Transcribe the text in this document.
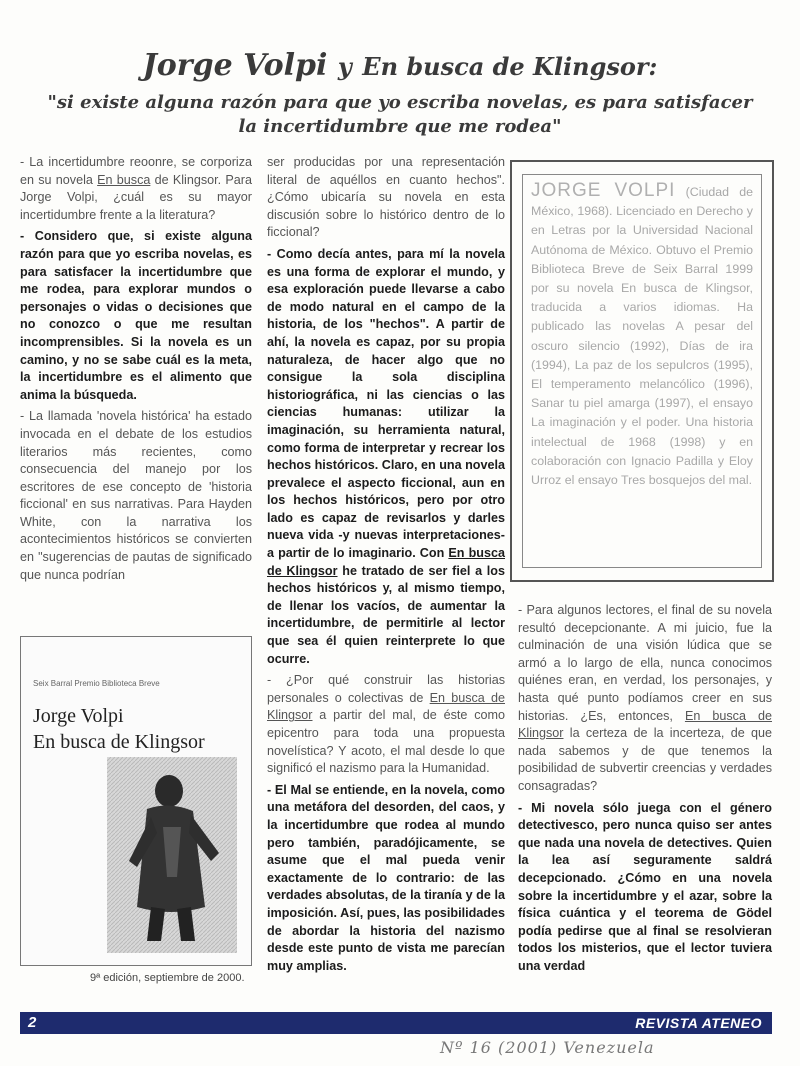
Jorge Volpi y En busca de Klingsor:
"si existe alguna razón para que yo escriba novelas, es para satisfacer la incertidumbre que me rodea"

- La incertidumbre reoonre, se corporiza en su novela En busca de Klingsor. Para Jorge Volpi, ¿cuál es su mayor incertidumbre frente a la literatura?

- Considero que, si existe alguna razón para que yo escriba novelas, es para satisfacer la incertidumbre que me rodea, para explorar mundos o personajes o vidas o decisiones que no conozco o que me resultan incomprensibles. Si la novela es un camino, y no se sabe cuál es la meta, la incertidumbre es el alimento que anima la búsqueda.

- La llamada 'novela histórica' ha estado invocada en el debate de los estudios literarios más recientes, como consecuencia del manejo por los escritores de ese concepto de 'historia ficcional' en sus narrativas. Para Hayden White, con la narrativa los acontecimientos históricos se convierten en "sugerencias de pautas de significado que nunca podrían

Seix Barral Premio Biblioteca Breve
Jorge Volpi
En busca de Klingsor
9ª edición, septiembre de 2000.

ser producidas por una representación literal de aquéllos en cuanto hechos". ¿Cómo ubicaría su novela en esta discusión sobre lo histórico dentro de lo ficcional?

- Como decía antes, para mí la novela es una forma de explorar el mundo, y esa exploración puede llevarse a cabo de modo natural en el campo de la historia, de los "hechos". A partir de ahí, la novela es capaz, por su propia naturaleza, de hacer algo que no consigue la sola disciplina historiográfica, ni las ciencias o las ciencias humanas: utilizar la imaginación, su herramienta natural, como forma de interpretar y recrear los hechos históricos. Claro, en una novela prevalece el aspecto ficcional, aun en los hechos históricos, pero por otro lado es capaz de revisarlos y darles nueva vida -y nuevas interpretaciones- a partir de lo imaginario. Con En busca de Klingsor he tratado de ser fiel a los hechos históricos y, al mismo tiempo, de llenar los vacíos, de aumentar la incertidumbre, de permitirle al lector que sea él quien reinterprete lo que ocurre.

- ¿Por qué construir las historias personales o colectivas de En busca de Klingsor a partir del mal, de éste como epicentro para toda una propuesta novelística? Y acoto, el mal desde lo que significó el nazismo para la Humanidad.

- El Mal se entiende, en la novela, como una metáfora del desorden, del caos, y la incertidumbre que rodea al mundo pero también, paradójicamente, se asume que el mal pueda venir exactamente de lo contrario: de las verdades absolutas, de la tiranía y de la imposición. Así, pues, las posibilidades de abordar la historia del nazismo desde este punto de vista me parecían muy amplias.

JORGE VOLPI (Ciudad de México, 1968). Licenciado en Derecho y en Letras por la Universidad Nacional Autónoma de México. Obtuvo el Premio Biblioteca Breve de Seix Barral 1999 por su novela En busca de Klingsor, traducida a varios idiomas. Ha publicado las novelas A pesar del oscuro silencio (1992), Días de ira (1994), La paz de los sepulcros (1995), El temperamento melancólico (1996), Sanar tu piel amarga (1997), el ensayo La imaginación y el poder. Una historia intelectual de 1968 (1998) y en colaboración con Ignacio Padilla y Eloy Urroz el ensayo Tres bosquejos del mal.

- Para algunos lectores, el final de su novela resultó decepcionante. A mi juicio, fue la culminación de una visión lúdica que se armó a lo largo de ella, nunca conocimos quiénes eran, en verdad, los personajes, y hasta qué punto podíamos creer en sus historias. ¿Es, entonces, En busca de Klingsor la certeza de la incerteza, de que nada sabemos y de que tenemos la posibilidad de subvertir creencias y verdades consagradas?

- Mi novela sólo juega con el género detectivesco, pero nunca quiso ser antes que nada una novela de detectives. Quien la lea así seguramente saldrá decepcionado. ¿Cómo en una novela sobre la incertidumbre y el azar, sobre la física cuántica y el teorema de Gödel podía pedirse que al final se resolvieran todos los misterios, que el lector tuviera una verdad

2	REVISTA ATENEO
Nº 16 (2001) Venezuela
